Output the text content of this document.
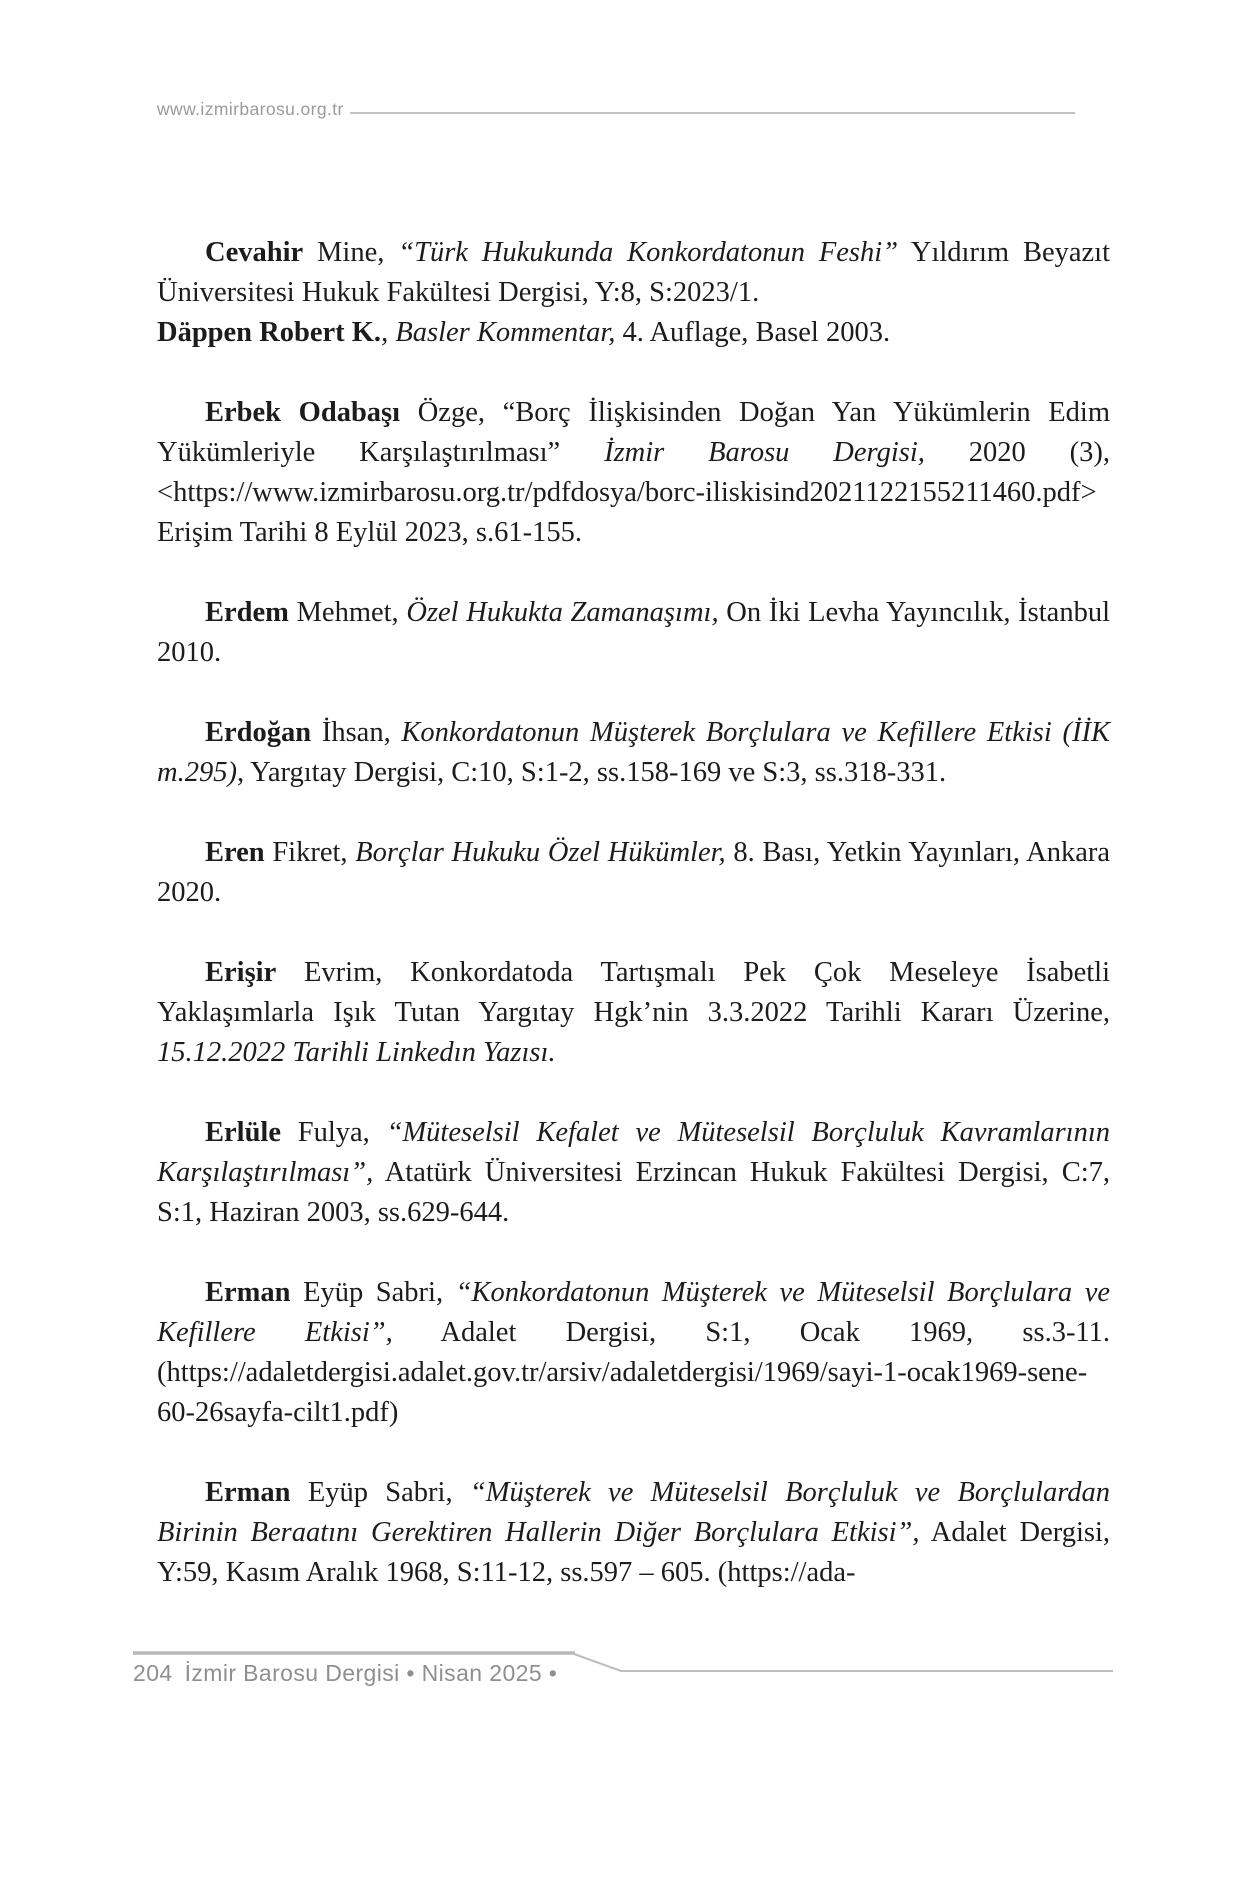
www.izmirbarosu.org.tr

Cevahir Mine, “Türk Hukukunda Konkordatonun Feshi” Yıldırım Beyazıt Üniversitesi Hukuk Fakültesi Dergisi, Y:8, S:2023/1.

Däppen Robert K., Basler Kommentar, 4. Auflage, Basel 2003.

Erbek Odabaşı Özge, “Borç İlişkisinden Doğan Yan Yükümlerin Edim Yükümleriyle Karşılaştırılması” İzmir Barosu Dergisi, 2020 (3), <https://www.izmirbarosu.org.tr/pdfdosya/borc-iliskisind2021122155211460.pdf> Erişim Tarihi 8 Eylül 2023, s.61-155.

Erdem Mehmet, Özel Hukukta Zamanaşımı, On İki Levha Yayıncılık, İstanbul 2010.

Erdoğan İhsan, Konkordatonun Müşterek Borçlulara ve Kefillere Etkisi (İİK m.295), Yargıtay Dergisi, C:10, S:1-2, ss.158-169 ve S:3, ss.318-331.

Eren Fikret, Borçlar Hukuku Özel Hükümler, 8. Bası, Yetkin Yayınları, Ankara 2020.

Erişir Evrim, Konkordatoda Tartışmalı Pek Çok Meseleye İsabetli Yaklaşımlarla Işık Tutan Yargıtay Hgk’nin 3.3.2022 Tarihli Kararı Üzerine, 15.12.2022 Tarihli Linkedın Yazısı.

Erlüle Fulya, “Müteselsil Kefalet ve Müteselsil Borçluluk Kavramlarının Karşılaştırılması”, Atatürk Üniversitesi Erzincan Hukuk Fakültesi Dergisi, C:7, S:1, Haziran 2003, ss.629-644.

Erman Eyüp Sabri, “Konkordatonun Müşterek ve Müteselsil Borçlulara ve Kefillere Etkisi”, Adalet Dergisi, S:1, Ocak 1969, ss.3-11. (https://adaletdergisi.adalet.gov.tr/arsiv/adaletdergisi/1969/sayi-1-ocak1969-sene-60-26sayfa-cilt1.pdf)

Erman Eyüp Sabri, “Müşterek ve Müteselsil Borçluluk ve Borçlulardan Birinin Beraatını Gerektiren Hallerin Diğer Borçlulara Etkisi”, Adalet Dergisi, Y:59, Kasım Aralık 1968, S:11-12, ss.597 – 605. (https://ada-

204 İzmir Barosu Dergisi • Nisan 2025 •
